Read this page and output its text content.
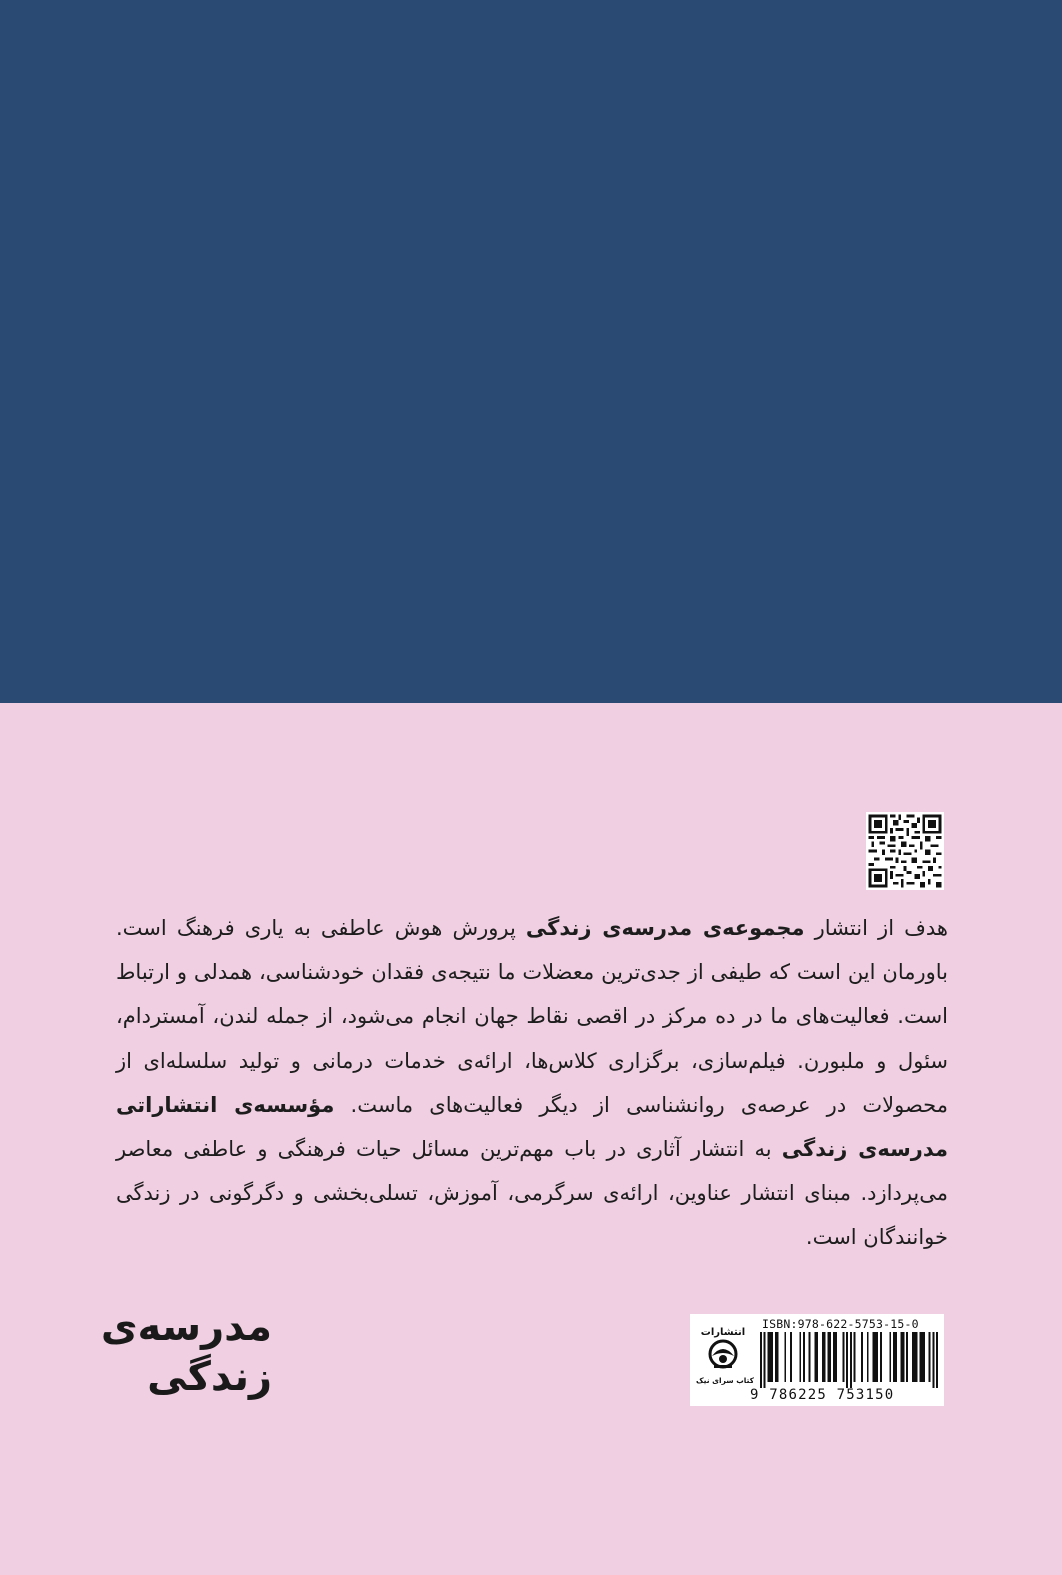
هدف از انتشار مجموعه‌ی مدرسه‌ی زندگی پرورش هوش عاطفی به یاری فرهنگ است. باورمان این است که طیفی از جدی‌ترین معضلات ما نتیجه‌ی فقدان خودشناسی، همدلی و ارتباط است. فعالیت‌های ما در ده مرکز در اقصی نقاط جهان انجام می‌شود، از جمله لندن، آمستردام، سئول و ملبورن. فیلم‌سازی، برگزاری کلاس‌ها، ارائه‌ی خدمات درمانی و تولید سلسله‌ای از محصولات در عرصه‌ی روانشناسی از دیگر فعالیت‌های ماست. مؤسسه‌ی انتشاراتی مدرسه‌ی زندگی به انتشار آثاری در باب مهم‌ترین مسائل حیات فرهنگی و عاطفی معاصر می‌پردازد. مبنای انتشار عناوین، ارائه‌ی سرگرمی، آموزش، تسلی‌بخشی و دگرگونی در زندگی خوانندگان است.

مدرسه‌ی
زندگی
انتشارات
کتاب سرای نیک
ISBN:978-622-5753-15-0
9 786225 753150
